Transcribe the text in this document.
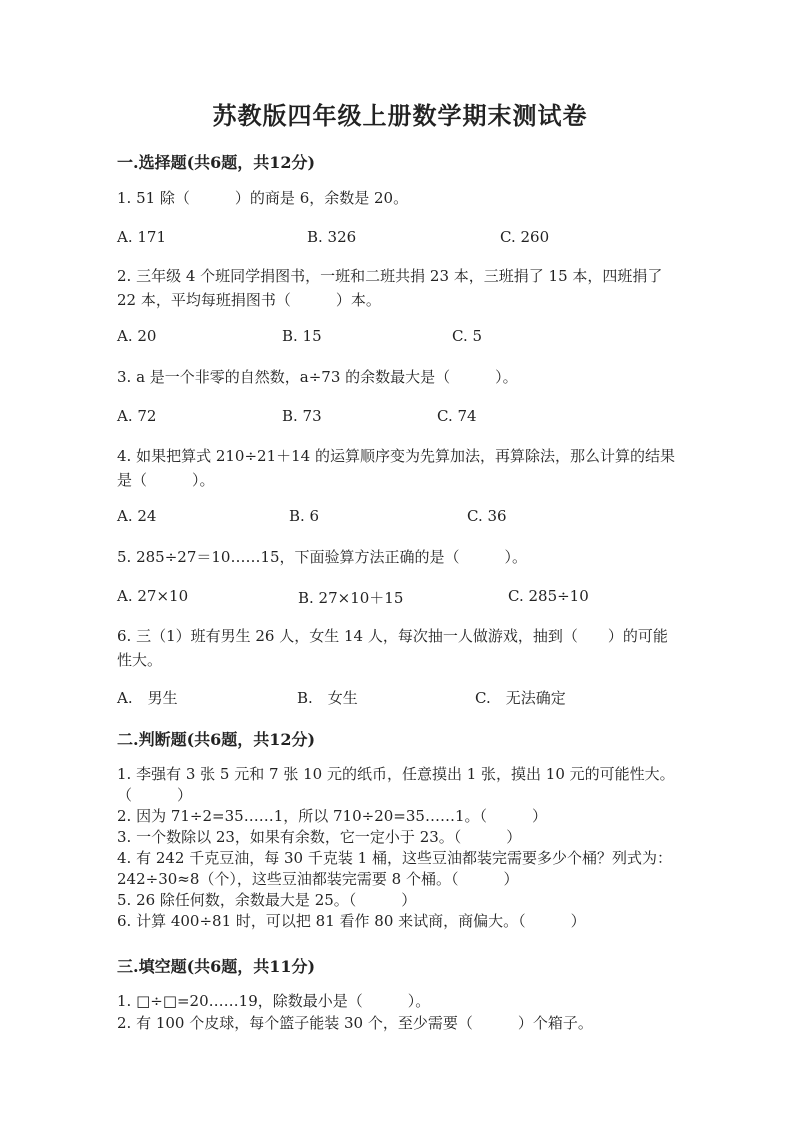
苏教版四年级上册数学期末测试卷
一.选择题(共6题，共12分)
1. 51 除（　　　）的商是 6，余数是 20。
A. 171	B. 326	C. 260
2. 三年级 4 个班同学捐图书，一班和二班共捐 23 本，三班捐了 15 本，四班捐了 22 本，平均每班捐图书（　　　）本。
A. 20	B. 15	C. 5
3. a 是一个非零的自然数，a÷73 的余数最大是（　　　）。
A. 72	B. 73	C. 74
4. 如果把算式 210÷21＋14 的运算顺序变为先算加法，再算除法，那么计算的结果是（　　　）。
A. 24	B. 6	C. 36
5. 285÷27＝10……15，下面验算方法正确的是（　　　）。
A. 27×10	B. 27×10＋15	C. 285÷10
6. 三（1）班有男生 26 人，女生 14 人，每次抽一人做游戏，抽到（　　）的可能性大。
A.　男生	B.　女生	C.　无法确定
二.判断题(共6题，共12分)
1. 李强有 3 张 5 元和 7 张 10 元的纸币，任意摸出 1 张，摸出 10 元的可能性大。　　（　　　）
2. 因为 71÷2=35……1，所以 710÷20=35……1。（　　　）
3. 一个数除以 23，如果有余数，它一定小于 23。（　　　）
4. 有 242 千克豆油，每 30 千克装 1 桶，这些豆油都装完需要多少个桶？列式为：242÷30≈8（个），这些豆油都装完需要 8 个桶。（　　　）
5. 26 除任何数，余数最大是 25。（　　　）
6. 计算 400÷81 时，可以把 81 看作 80 来试商，商偏大。（　　　）
三.填空题(共6题，共11分)
1. □÷□=20……19，除数最小是（　　　）。
2. 有 100 个皮球，每个篮子能装 30 个，至少需要（　　　）个箱子。
